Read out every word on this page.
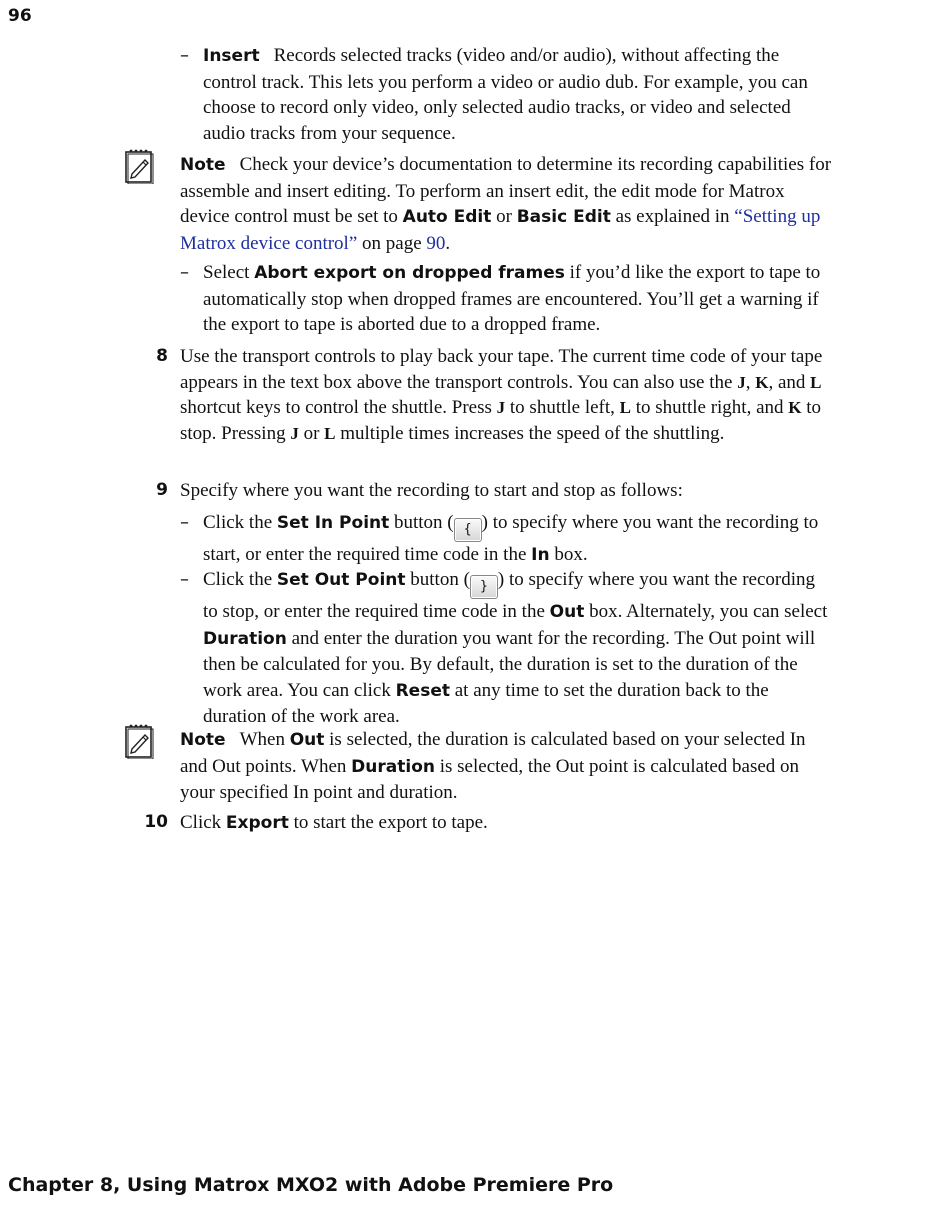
96
– Insert Records selected tracks (video and/or audio), without affecting the control track. This lets you perform a video or audio dub. For example, you can choose to record only video, only selected audio tracks, or video and selected audio tracks from your sequence.
Note Check your device’s documentation to determine its recording capabilities for assemble and insert editing. To perform an insert edit, the edit mode for Matrox device control must be set to Auto Edit or Basic Edit as explained in “Setting up Matrox device control” on page 90.
– Select Abort export on dropped frames if you’d like the export to tape to automatically stop when dropped frames are encountered. You’ll get a warning if the export to tape is aborted due to a dropped frame.
8 Use the transport controls to play back your tape. The current time code of your tape appears in the text box above the transport controls. You can also use the J, K, and L shortcut keys to control the shuttle. Press J to shuttle left, L to shuttle right, and K to stop. Pressing J or L multiple times increases the speed of the shuttling.
9 Specify where you want the recording to start and stop as follows:
– Click the Set In Point button ( { ) to specify where you want the recording to start, or enter the required time code in the In box.
– Click the Set Out Point button ( } ) to specify where you want the recording to stop, or enter the required time code in the Out box. Alternately, you can select Duration and enter the duration you want for the recording. The Out point will then be calculated for you. By default, the duration is set to the duration of the work area. You can click Reset at any time to set the duration back to the duration of the work area.
Note When Out is selected, the duration is calculated based on your selected In and Out points. When Duration is selected, the Out point is calculated based on your specified In point and duration.
10 Click Export to start the export to tape.
Chapter 8, Using Matrox MXO2 with Adobe Premiere Pro
